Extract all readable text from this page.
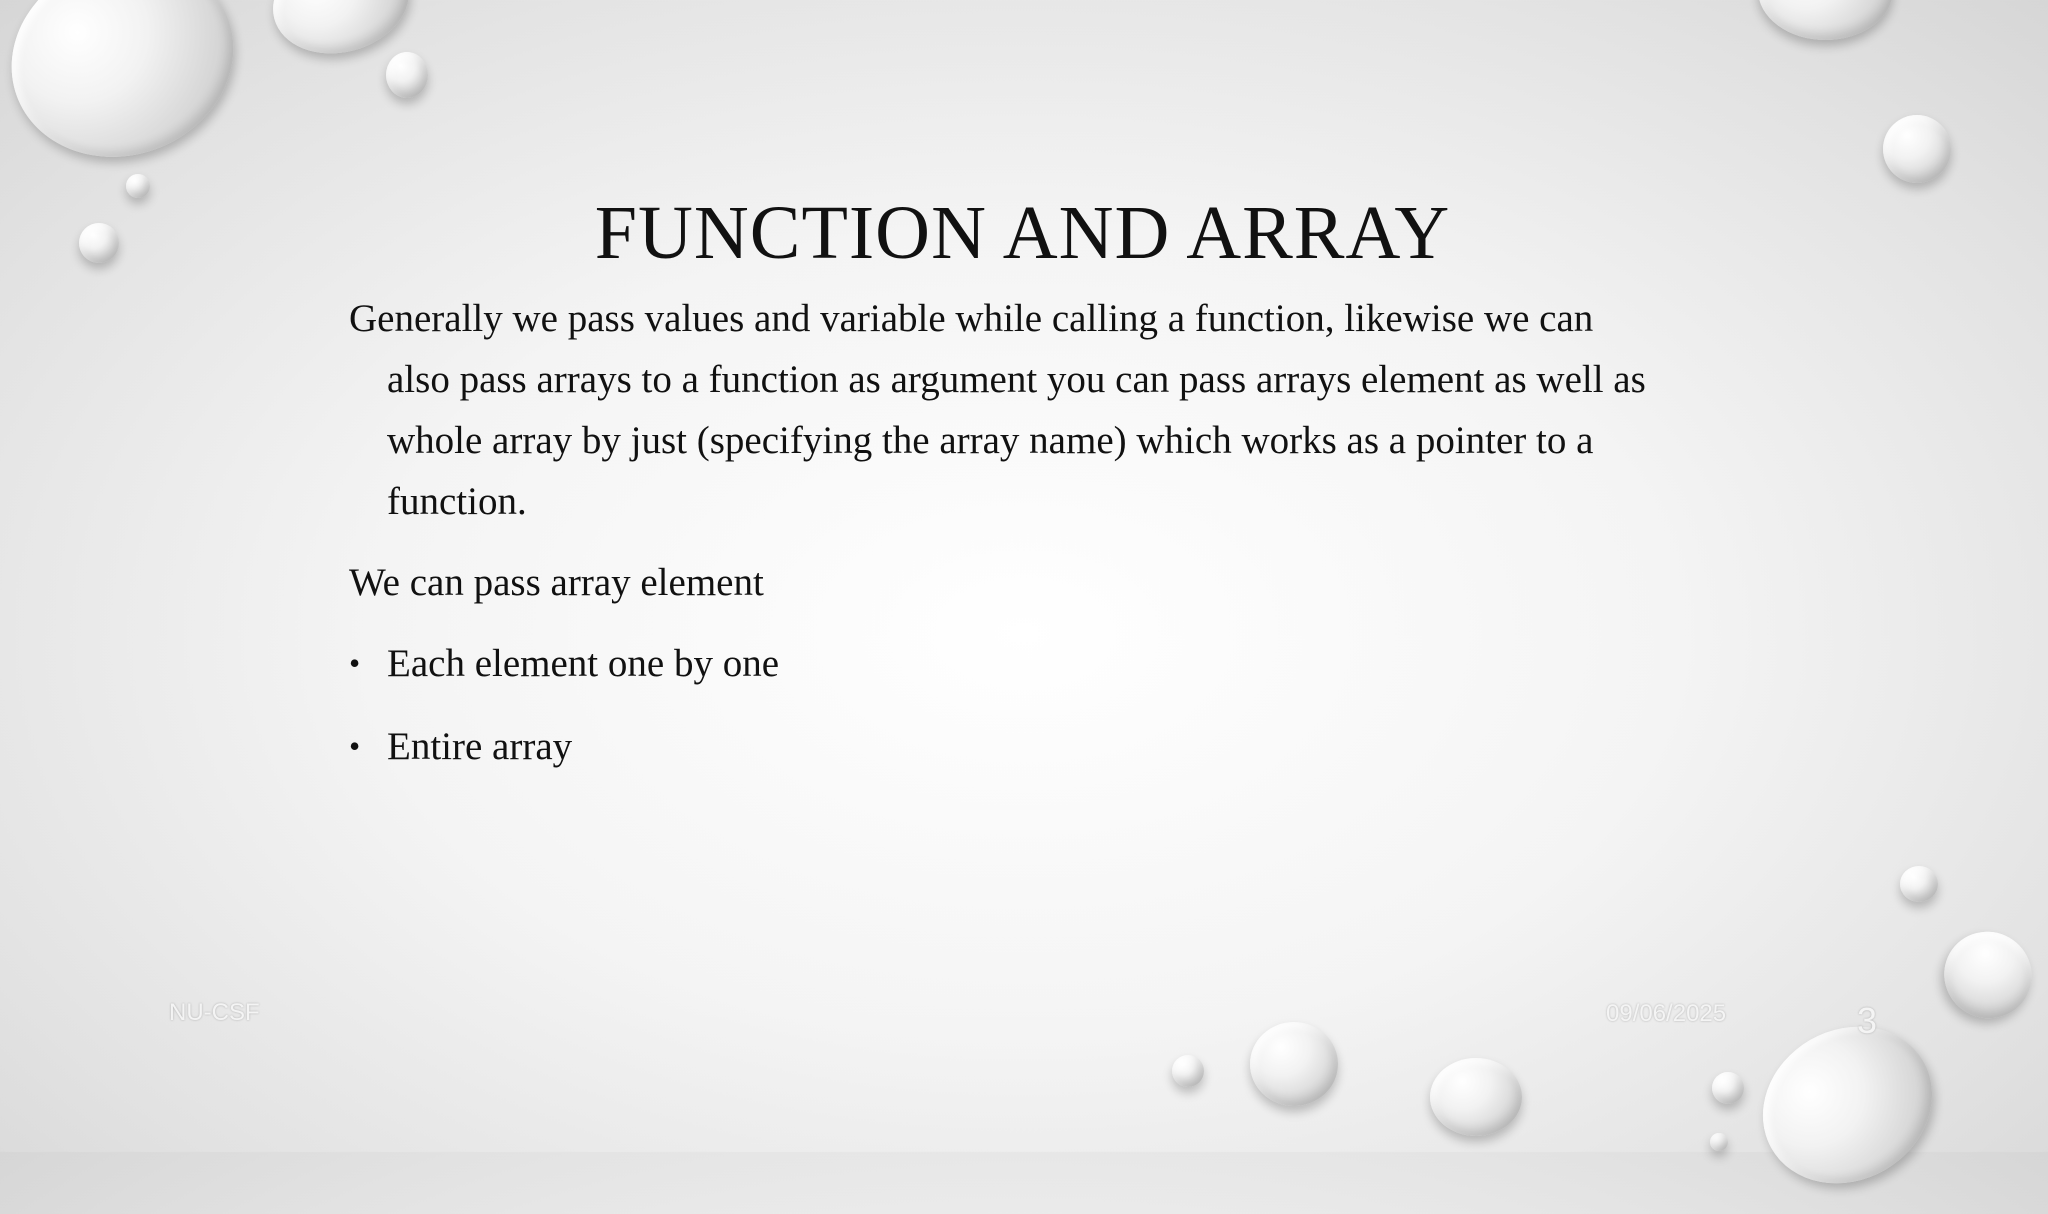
FUNCTION AND ARRAY

Generally we pass values and variable while calling a function, likewise we can also pass arrays to a function as argument you can pass arrays element as well as whole array by just (specifying the array name) which works as a pointer to a function.

We can pass array element

• Each element one by one
• Entire array
NU-CSF	09/06/2025	3
